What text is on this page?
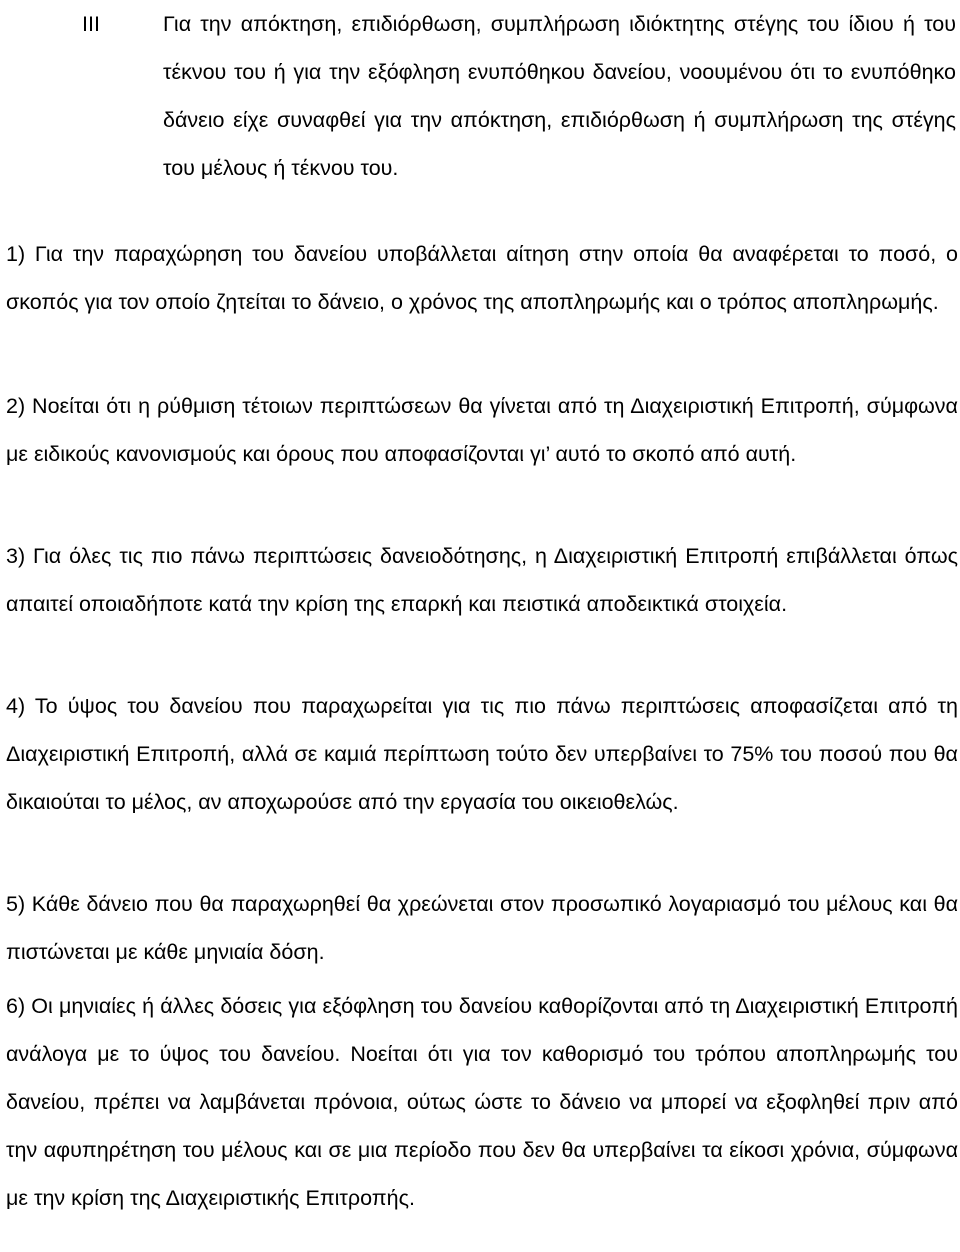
III	Για την απόκτηση, επιδιόρθωση, συμπλήρωση ιδιόκτητης στέγης του ίδιου ή του τέκνου του ή για την εξόφληση ενυπόθηκου δανείου, νοουμένου ότι το ενυπόθηκο δάνειο είχε συναφθεί για την απόκτηση, επιδιόρθωση ή συμπλήρωση της στέγης του μέλους ή τέκνου του.

1) Για την παραχώρηση του δανείου υποβάλλεται αίτηση στην οποία θα αναφέρεται το ποσό, ο σκοπός για τον οποίο ζητείται το δάνειο, ο χρόνος της αποπληρωμής και ο τρόπος αποπληρωμής.

2) Νοείται ότι η ρύθμιση τέτοιων περιπτώσεων θα γίνεται από τη Διαχειριστική Επιτροπή, σύμφωνα με ειδικούς κανονισμούς και όρους που αποφασίζονται γι’ αυτό το σκοπό από αυτή.

3) Για όλες τις πιο πάνω περιπτώσεις δανειοδότησης, η Διαχειριστική Επιτροπή επιβάλλεται όπως απαιτεί οποιαδήποτε κατά την κρίση της επαρκή και πειστικά αποδεικτικά στοιχεία.

4) Το ύψος του δανείου που παραχωρείται για τις πιο πάνω περιπτώσεις αποφασίζεται από τη Διαχειριστική Επιτροπή, αλλά σε καμιά περίπτωση τούτο δεν υπερβαίνει το 75% του ποσού που θα δικαιούται το μέλος, αν αποχωρούσε από την εργασία του οικειοθελώς.

5) Κάθε δάνειο που θα παραχωρηθεί θα χρεώνεται στον προσωπικό λογαριασμό του μέλους και θα πιστώνεται με κάθε μηνιαία δόση.

6) Οι μηνιαίες ή άλλες δόσεις για εξόφληση του δανείου καθορίζονται από τη Διαχειριστική Επιτροπή ανάλογα με το ύψος του δανείου. Νοείται ότι για τον καθορισμό του τρόπου αποπληρωμής του δανείου, πρέπει να λαμβάνεται πρόνοια, ούτως ώστε το δάνειο να μπορεί να εξοφληθεί πριν από την αφυπηρέτηση του μέλους και σε μια περίοδο που δεν θα υπερβαίνει τα είκοσι χρόνια, σύμφωνα με την κρίση της Διαχειριστικής Επιτροπής.
